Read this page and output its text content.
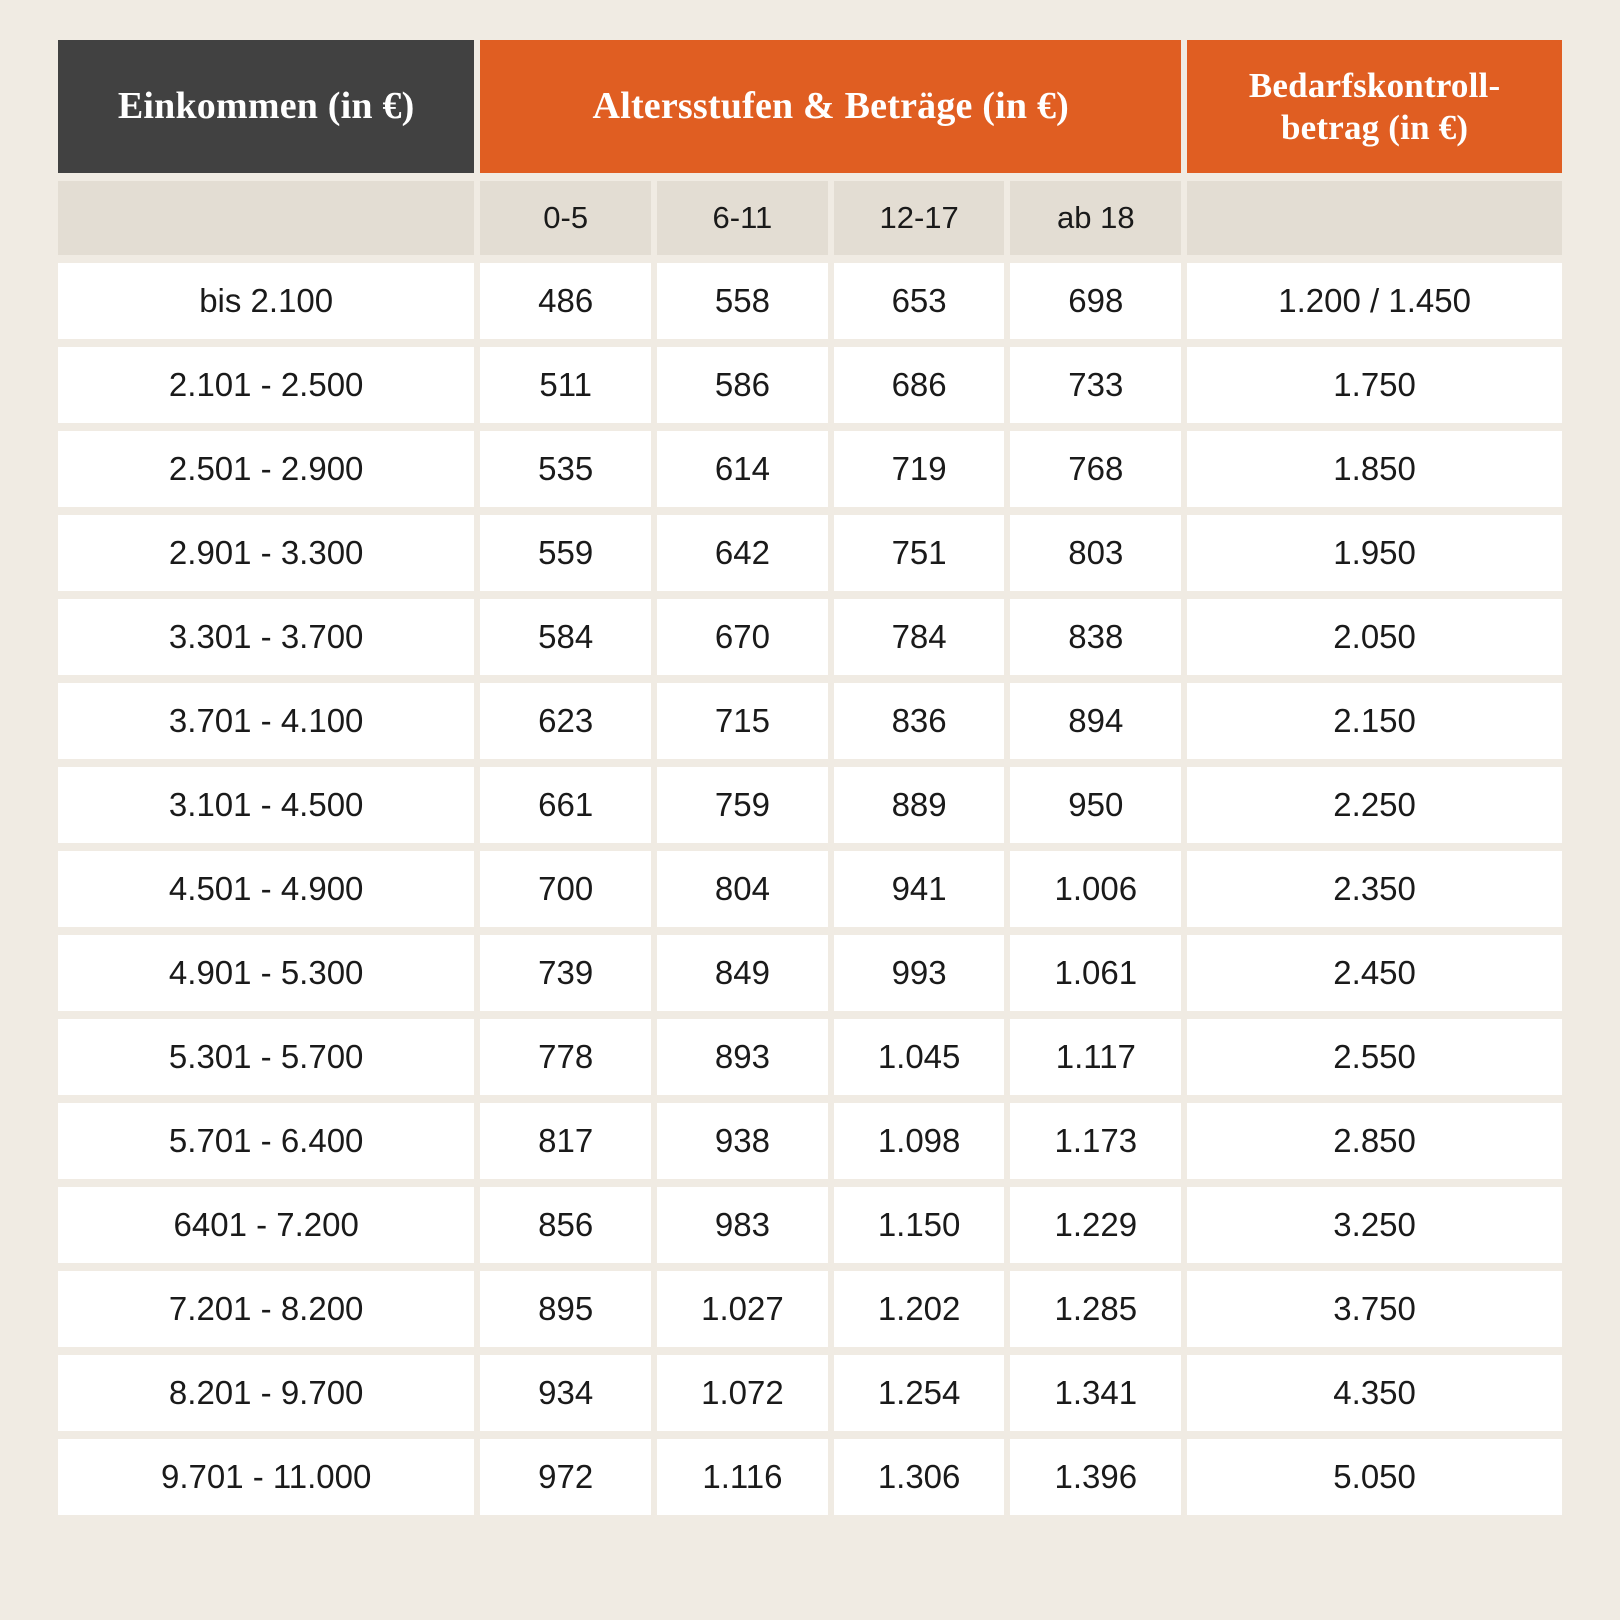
Einkommen (in €)	Altersstufen & Beträge (in €)				Bedarfskontroll-
betrag (in €)
	0-5	6-11	12-17	ab 18	
bis 2.100	486	558	653	698	1.200 / 1.450
2.101 - 2.500	511	586	686	733	1.750
2.501 - 2.900	535	614	719	768	1.850
2.901 - 3.300	559	642	751	803	1.950
3.301 - 3.700	584	670	784	838	2.050
3.701 - 4.100	623	715	836	894	2.150
3.101 - 4.500	661	759	889	950	2.250
4.501 - 4.900	700	804	941	1.006	2.350
4.901 - 5.300	739	849	993	1.061	2.450
5.301 - 5.700	778	893	1.045	1.117	2.550
5.701 - 6.400	817	938	1.098	1.173	2.850
6401 - 7.200	856	983	1.150	1.229	3.250
7.201 - 8.200	895	1.027	1.202	1.285	3.750
8.201 - 9.700	934	1.072	1.254	1.341	4.350
9.701 - 11.000	972	1.116	1.306	1.396	5.050
